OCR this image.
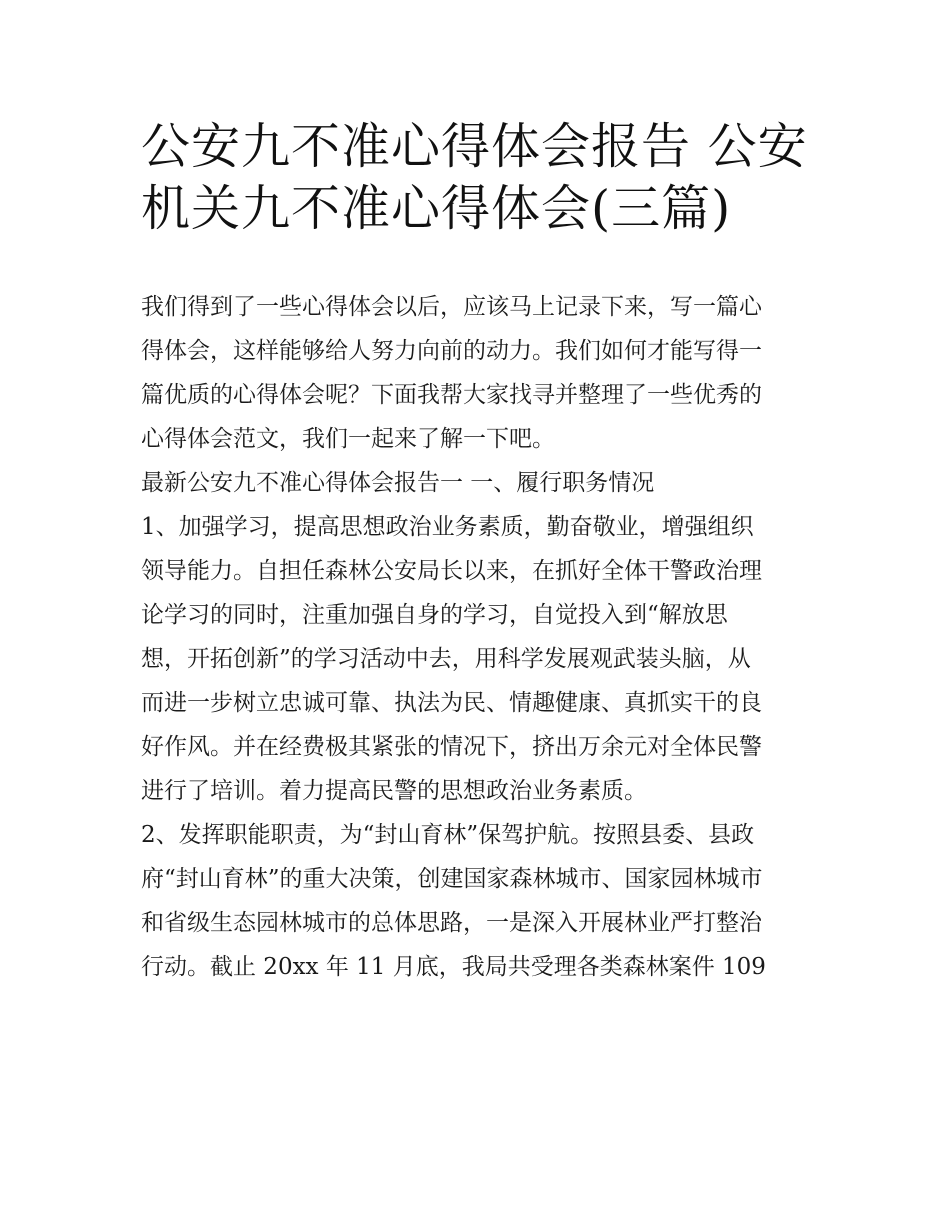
公安九不准心得体会报告 公安
机关九不准心得体会(三篇)

我们得到了一些心得体会以后，应该马上记录下来，写一篇心

得体会，这样能够给人努力向前的动力。我们如何才能写得一

篇优质的心得体会呢？下面我帮大家找寻并整理了一些优秀的

心得体会范文，我们一起来了解一下吧。

最新公安九不准心得体会报告一 一、履行职务情况

1、加强学习，提高思想政治业务素质，勤奋敬业，增强组织

领导能力。自担任森林公安局长以来，在抓好全体干警政治理

论学习的同时，注重加强自身的学习，自觉投入到“解放思

想，开拓创新”的学习活动中去，用科学发展观武装头脑，从

而进一步树立忠诚可靠、执法为民、情趣健康、真抓实干的良

好作风。并在经费极其紧张的情况下，挤出万余元对全体民警

进行了培训。着力提高民警的思想政治业务素质。

2、发挥职能职责，为“封山育林”保驾护航。按照县委、县政

府“封山育林”的重大决策，创建国家森林城市、国家园林城市

和省级生态园林城市的总体思路，一是深入开展林业严打整治

行动。截止 20xx 年 11 月底，我局共受理各类森林案件 109
